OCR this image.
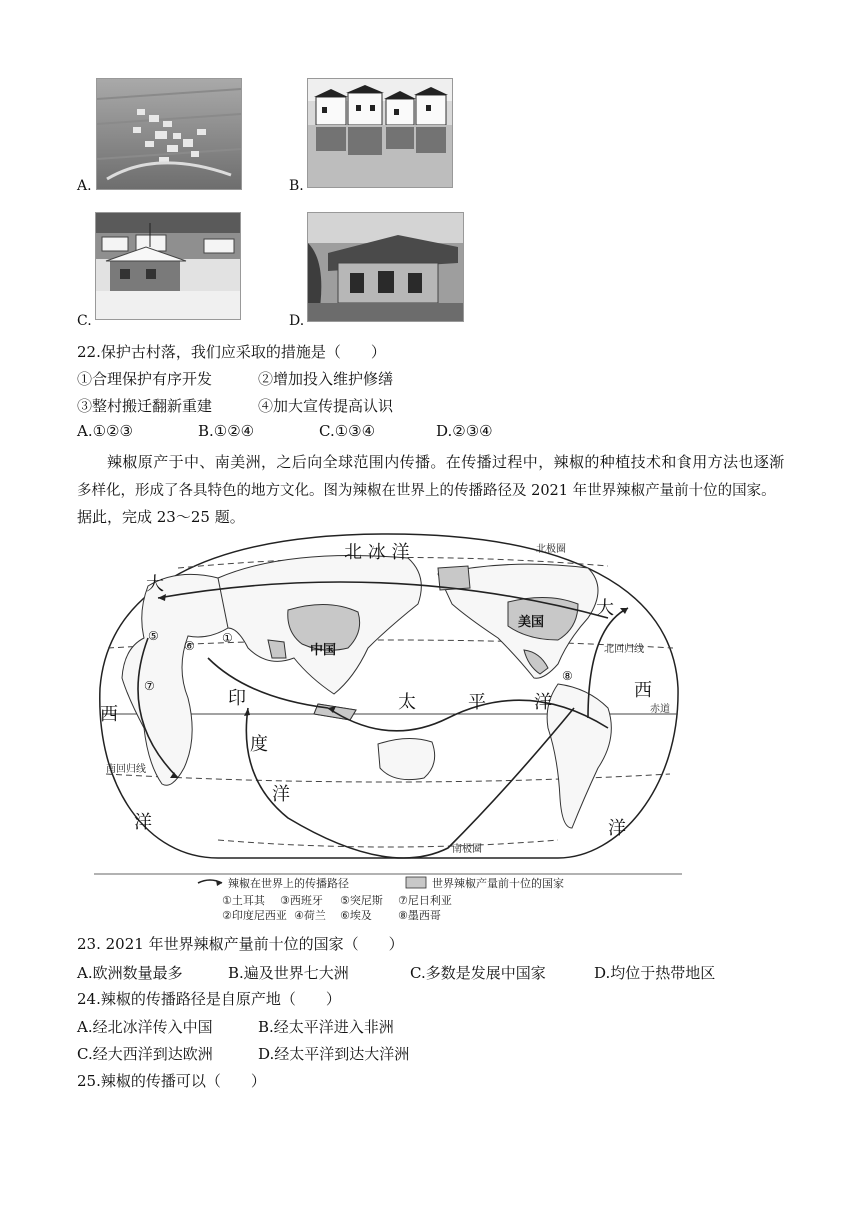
A.	B.
C.	D.
22.保护古村落，我们应采取的措施是（　　）
①合理保护有序开发	②增加投入维护修缮
③整村搬迁翻新重建	④加大宣传提高认识
A.①②③	B.①②④	C.①③④	D.②③④
辣椒原产于中、南美洲，之后向全球范围内传播。在传播过程中，辣椒的种植技术和食用方法也逐渐
多样化，形成了各具特色的地方文化。图为辣椒在世界上的传播路径及 2021 年世界辣椒产量前十位的国家。
据此，完成 23～25 题。
北 冰 洋
太	平	洋
印
度
洋
大
西
洋
大
西
洋
中国
美国
北极圈
北回归线
赤道
南回归线
南极圈
①
⑤
⑥
⑦
⑧
辣椒在世界上的传播路径	世界辣椒产量前十位的国家
①土耳其 ③西班牙 ⑤突尼斯 ⑦尼日利亚
②印度尼西亚 ④荷兰 ⑥埃及 ⑧墨西哥
23. 2021 年世界辣椒产量前十位的国家（　　）
A.欧洲数量最多	B.遍及世界七大洲	C.多数是发展中国家	D.均位于热带地区
24.辣椒的传播路径是自原产地（　　）
A.经北冰洋传入中国	B.经太平洋进入非洲
C.经大西洋到达欧洲	D.经太平洋到达大洋洲
25.辣椒的传播可以（　　）
